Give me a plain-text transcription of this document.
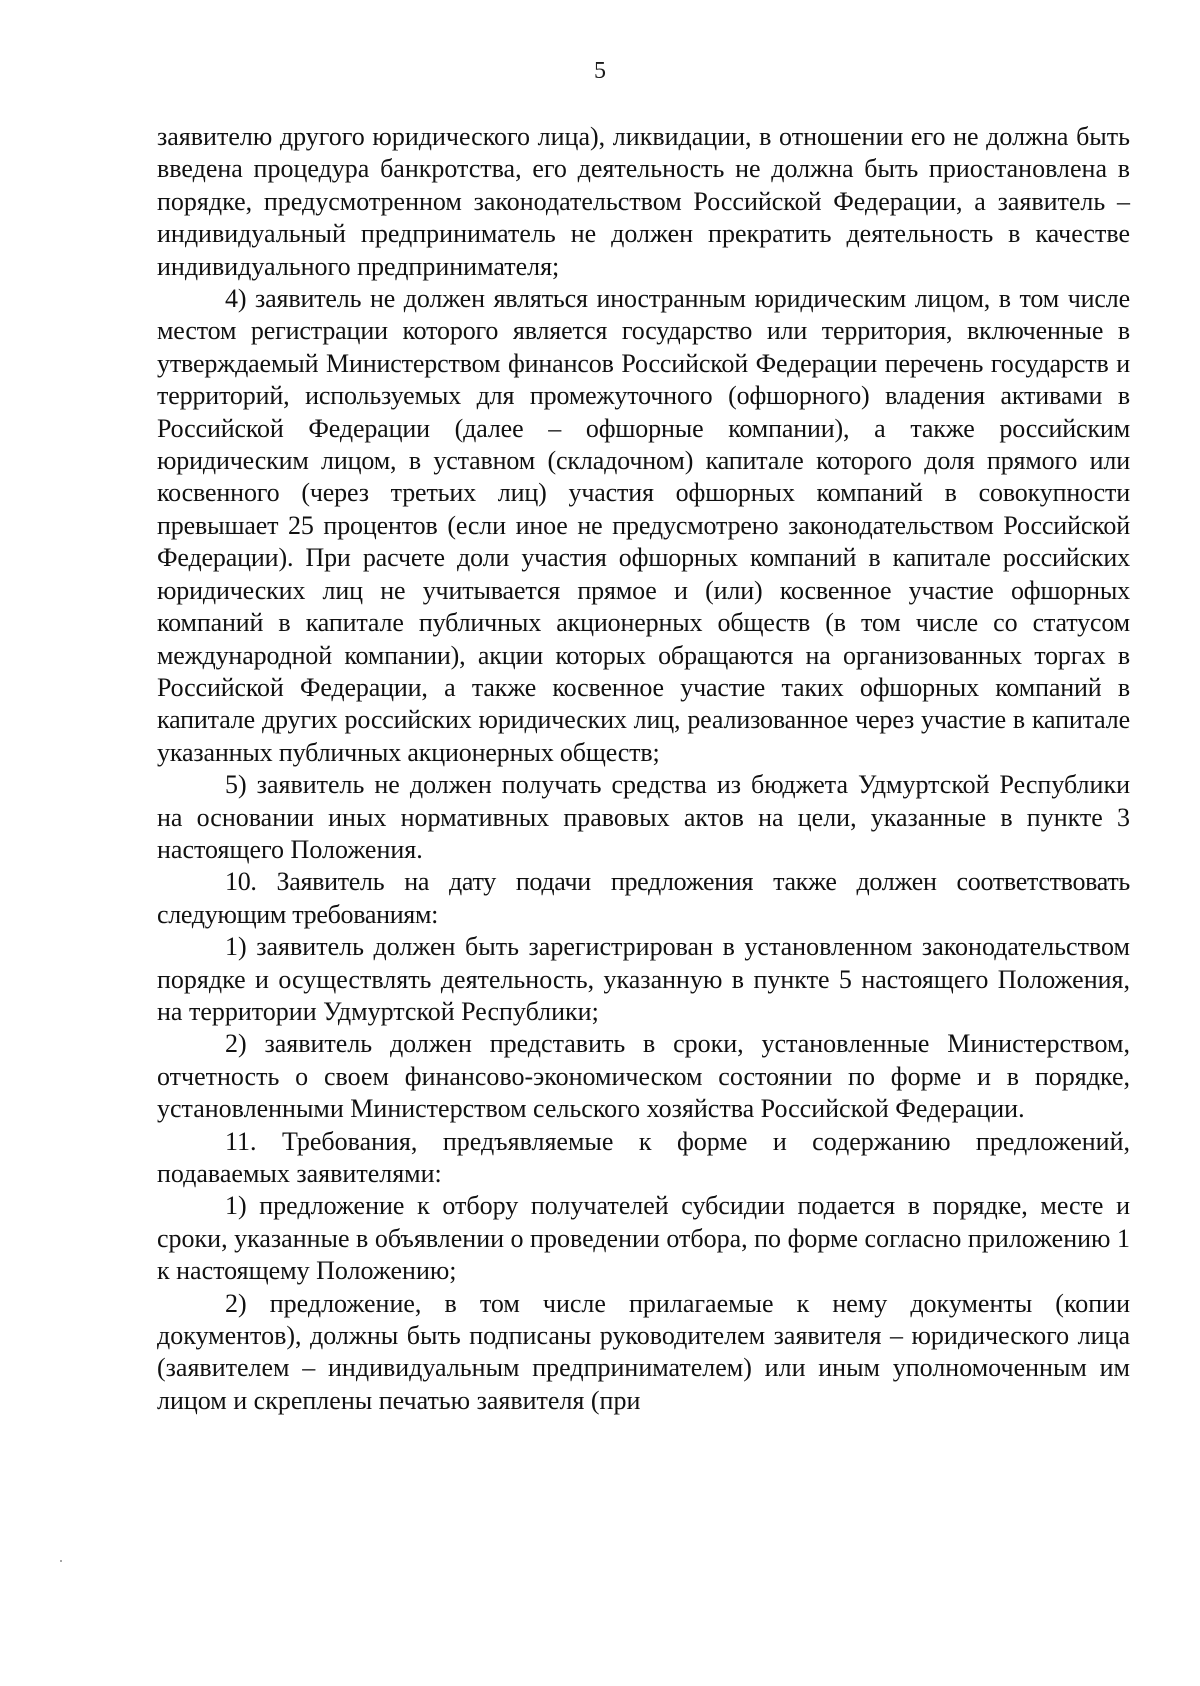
5

заявителю другого юридического лица), ликвидации, в отношении его не должна быть введена процедура банкротства, его деятельность не должна быть приостановлена в порядке, предусмотренном законодательством Российской Федерации, а заявитель – индивидуальный предприниматель не должен прекратить деятельность в качестве индивидуального предпринимателя;

4) заявитель не должен являться иностранным юридическим лицом, в том числе местом регистрации которого является государство или территория, включенные в утверждаемый Министерством финансов Российской Федерации перечень государств и территорий, используемых для промежуточного (офшорного) владения активами в Российской Федерации (далее – офшорные компании), а также российским юридическим лицом, в уставном (складочном) капитале которого доля прямого или косвенного (через третьих лиц) участия офшорных компаний в совокупности превышает 25 процентов (если иное не предусмотрено законодательством Российской Федерации). При расчете доли участия офшорных компаний в капитале российских юридических лиц не учитывается прямое и (или) косвенное участие офшорных компаний в капитале публичных акционерных обществ (в том числе со статусом международной компании), акции которых обращаются на организованных торгах в Российской Федерации, а также косвенное участие таких офшорных компаний в капитале других российских юридических лиц, реализованное через участие в капитале указанных публичных акционерных обществ;

5) заявитель не должен получать средства из бюджета Удмуртской Республики на основании иных нормативных правовых актов на цели, указанные в пункте 3 настоящего Положения.

10. Заявитель на дату подачи предложения также должен соответствовать следующим требованиям:

1) заявитель должен быть зарегистрирован в установленном законодательством порядке и осуществлять деятельность, указанную в пункте 5 настоящего Положения, на территории Удмуртской Республики;

2) заявитель должен представить в сроки, установленные Министерством, отчетность о своем финансово-экономическом состоянии по форме и в порядке, установленными Министерством сельского хозяйства Российской Федерации.

11. Требования, предъявляемые к форме и содержанию предложений, подаваемых заявителями:

1) предложение к отбору получателей субсидии подается в порядке, месте и сроки, указанные в объявлении о проведении отбора, по форме согласно приложению 1 к настоящему Положению;

2) предложение, в том числе прилагаемые к нему документы (копии документов), должны быть подписаны руководителем заявителя – юридического лица (заявителем – индивидуальным предпринимателем) или иным уполномоченным им лицом и скреплены печатью заявителя (при
